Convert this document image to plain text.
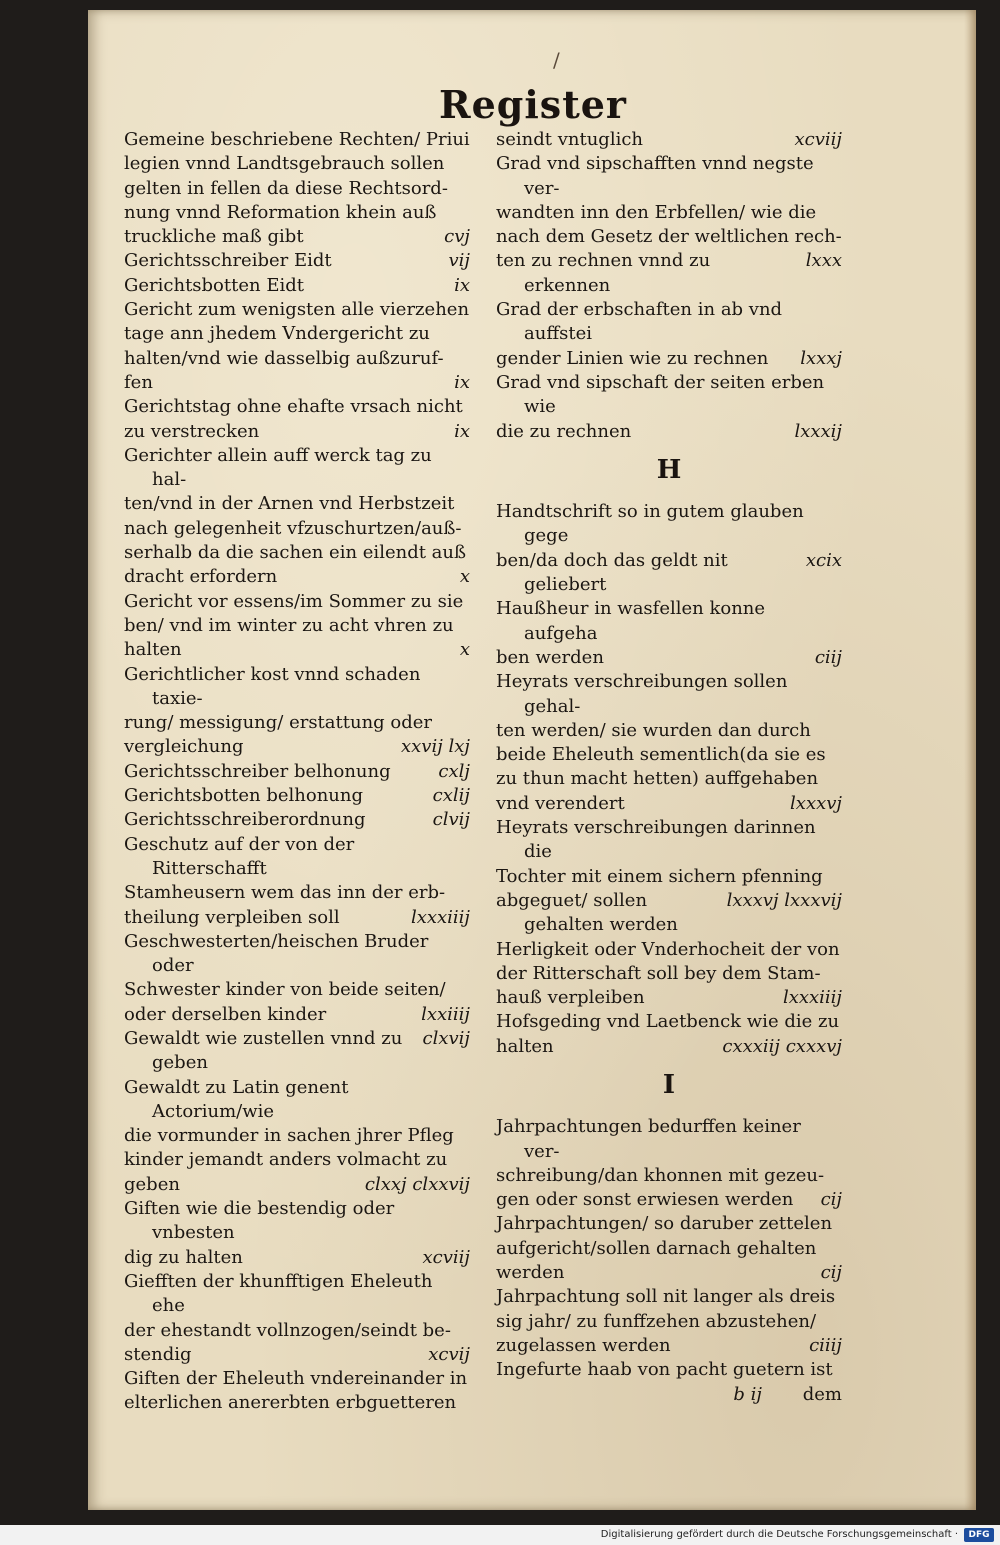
/
Register

Gemeine beschriebene Rechten/ Priui
legien vnnd Landtsgebrauch sollen
gelten in fellen da diese Rechtsord-
nung vnnd Reformation khein auß
cvj
truckliche maß gibt

vij
Gerichtsschreiber Eidt

ix
Gerichtsbotten Eidt

Gericht zum wenigsten alle vierzehen
tage ann jhedem Vndergericht zu
halten/vnd wie dasselbig außzuruf-
ix
fen

Gerichtstag ohne ehafte vrsach nicht
ix
zu verstrecken

Gerichter allein auff werck tag zu hal-
ten/vnd in der Arnen vnd Herbstzeit
nach gelegenheit vfzuschurtzen/auß-
serhalb da die sachen ein eilendt auß
x
dracht erfordern

Gericht vor essens/im Sommer zu sie
ben/ vnd im winter zu acht vhren zu
x
halten

Gerichtlicher kost vnnd schaden taxie-
rung/ messigung/ erstattung oder
xxvij lxj
vergleichung

cxlj
Gerichtsschreiber belhonung

cxlij
Gerichtsbotten belhonung

clvij
Gerichtsschreiberordnung

Geschutz auf der von der Ritterschafft
Stamheusern wem das inn der erb-
lxxxiiij
theilung verpleiben soll

Geschwesterten/heischen Bruder oder
Schwester kinder von beide seiten/
lxxiiij
oder derselben kinder

clxvij
Gewaldt wie zustellen vnnd zu geben

Gewaldt zu Latin genent Actorium/wie
die vormunder in sachen jhrer Pfleg
kinder jemandt anders volmacht zu
clxxj clxxvij
geben

Giften wie die bestendig oder vnbesten
xcviij
dig zu halten

Giefften der khunfftigen Eheleuth ehe
der ehestandt vollnzogen/seindt be-
xcvij
stendig

Giften der Eheleuth vndereinander in
elterlichen anererbten erbguetteren

xcviij
seindt vntuglich

Grad vnd sipschafften vnnd negste ver-
wandten inn den Erbfellen/ wie die
nach dem Gesetz der weltlichen rech-
lxxx
ten zu rechnen vnnd zu erkennen

Grad der erbschaften in ab vnd auffstei
lxxxj
gender Linien wie zu rechnen

Grad vnd sipschaft der seiten erben wie
lxxxij
die zu rechnen

H

Handtschrift so in gutem glauben gege
xcix
ben/da doch das geldt nit geliebert

Haußheur in wasfellen konne aufgeha
ciij
ben werden

Heyrats verschreibungen sollen gehal-
ten werden/ sie wurden dan durch
beide Eheleuth sementlich(da sie es
zu thun macht hetten) auffgehaben
lxxxvj
vnd verendert

Heyrats verschreibungen darinnen die
Tochter mit einem sichern pfenning
lxxxvj lxxxvij
abgeguet/ sollen gehalten werden

Herligkeit oder Vnderhocheit der von
der Ritterschaft soll bey dem Stam-
lxxxiiij
hauß verpleiben

Hofsgeding vnd Laetbenck wie die zu
cxxxiij cxxxvj
halten

I

Jahrpachtungen bedurffen keiner ver-
schreibung/dan khonnen mit gezeu-
cij
gen oder sonst erwiesen werden

Jahrpachtungen/ so daruber zettelen
aufgericht/sollen darnach gehalten
cij
werden

Jahrpachtung soll nit langer als dreis
sig jahr/ zu funffzehen abzustehen/
ciiij
zugelassen werden

Ingefurte haab von pacht guetern ist

b ij dem
Digitalisierung gefördert durch die Deutsche Forschungsgemeinschaft ·	DFG
